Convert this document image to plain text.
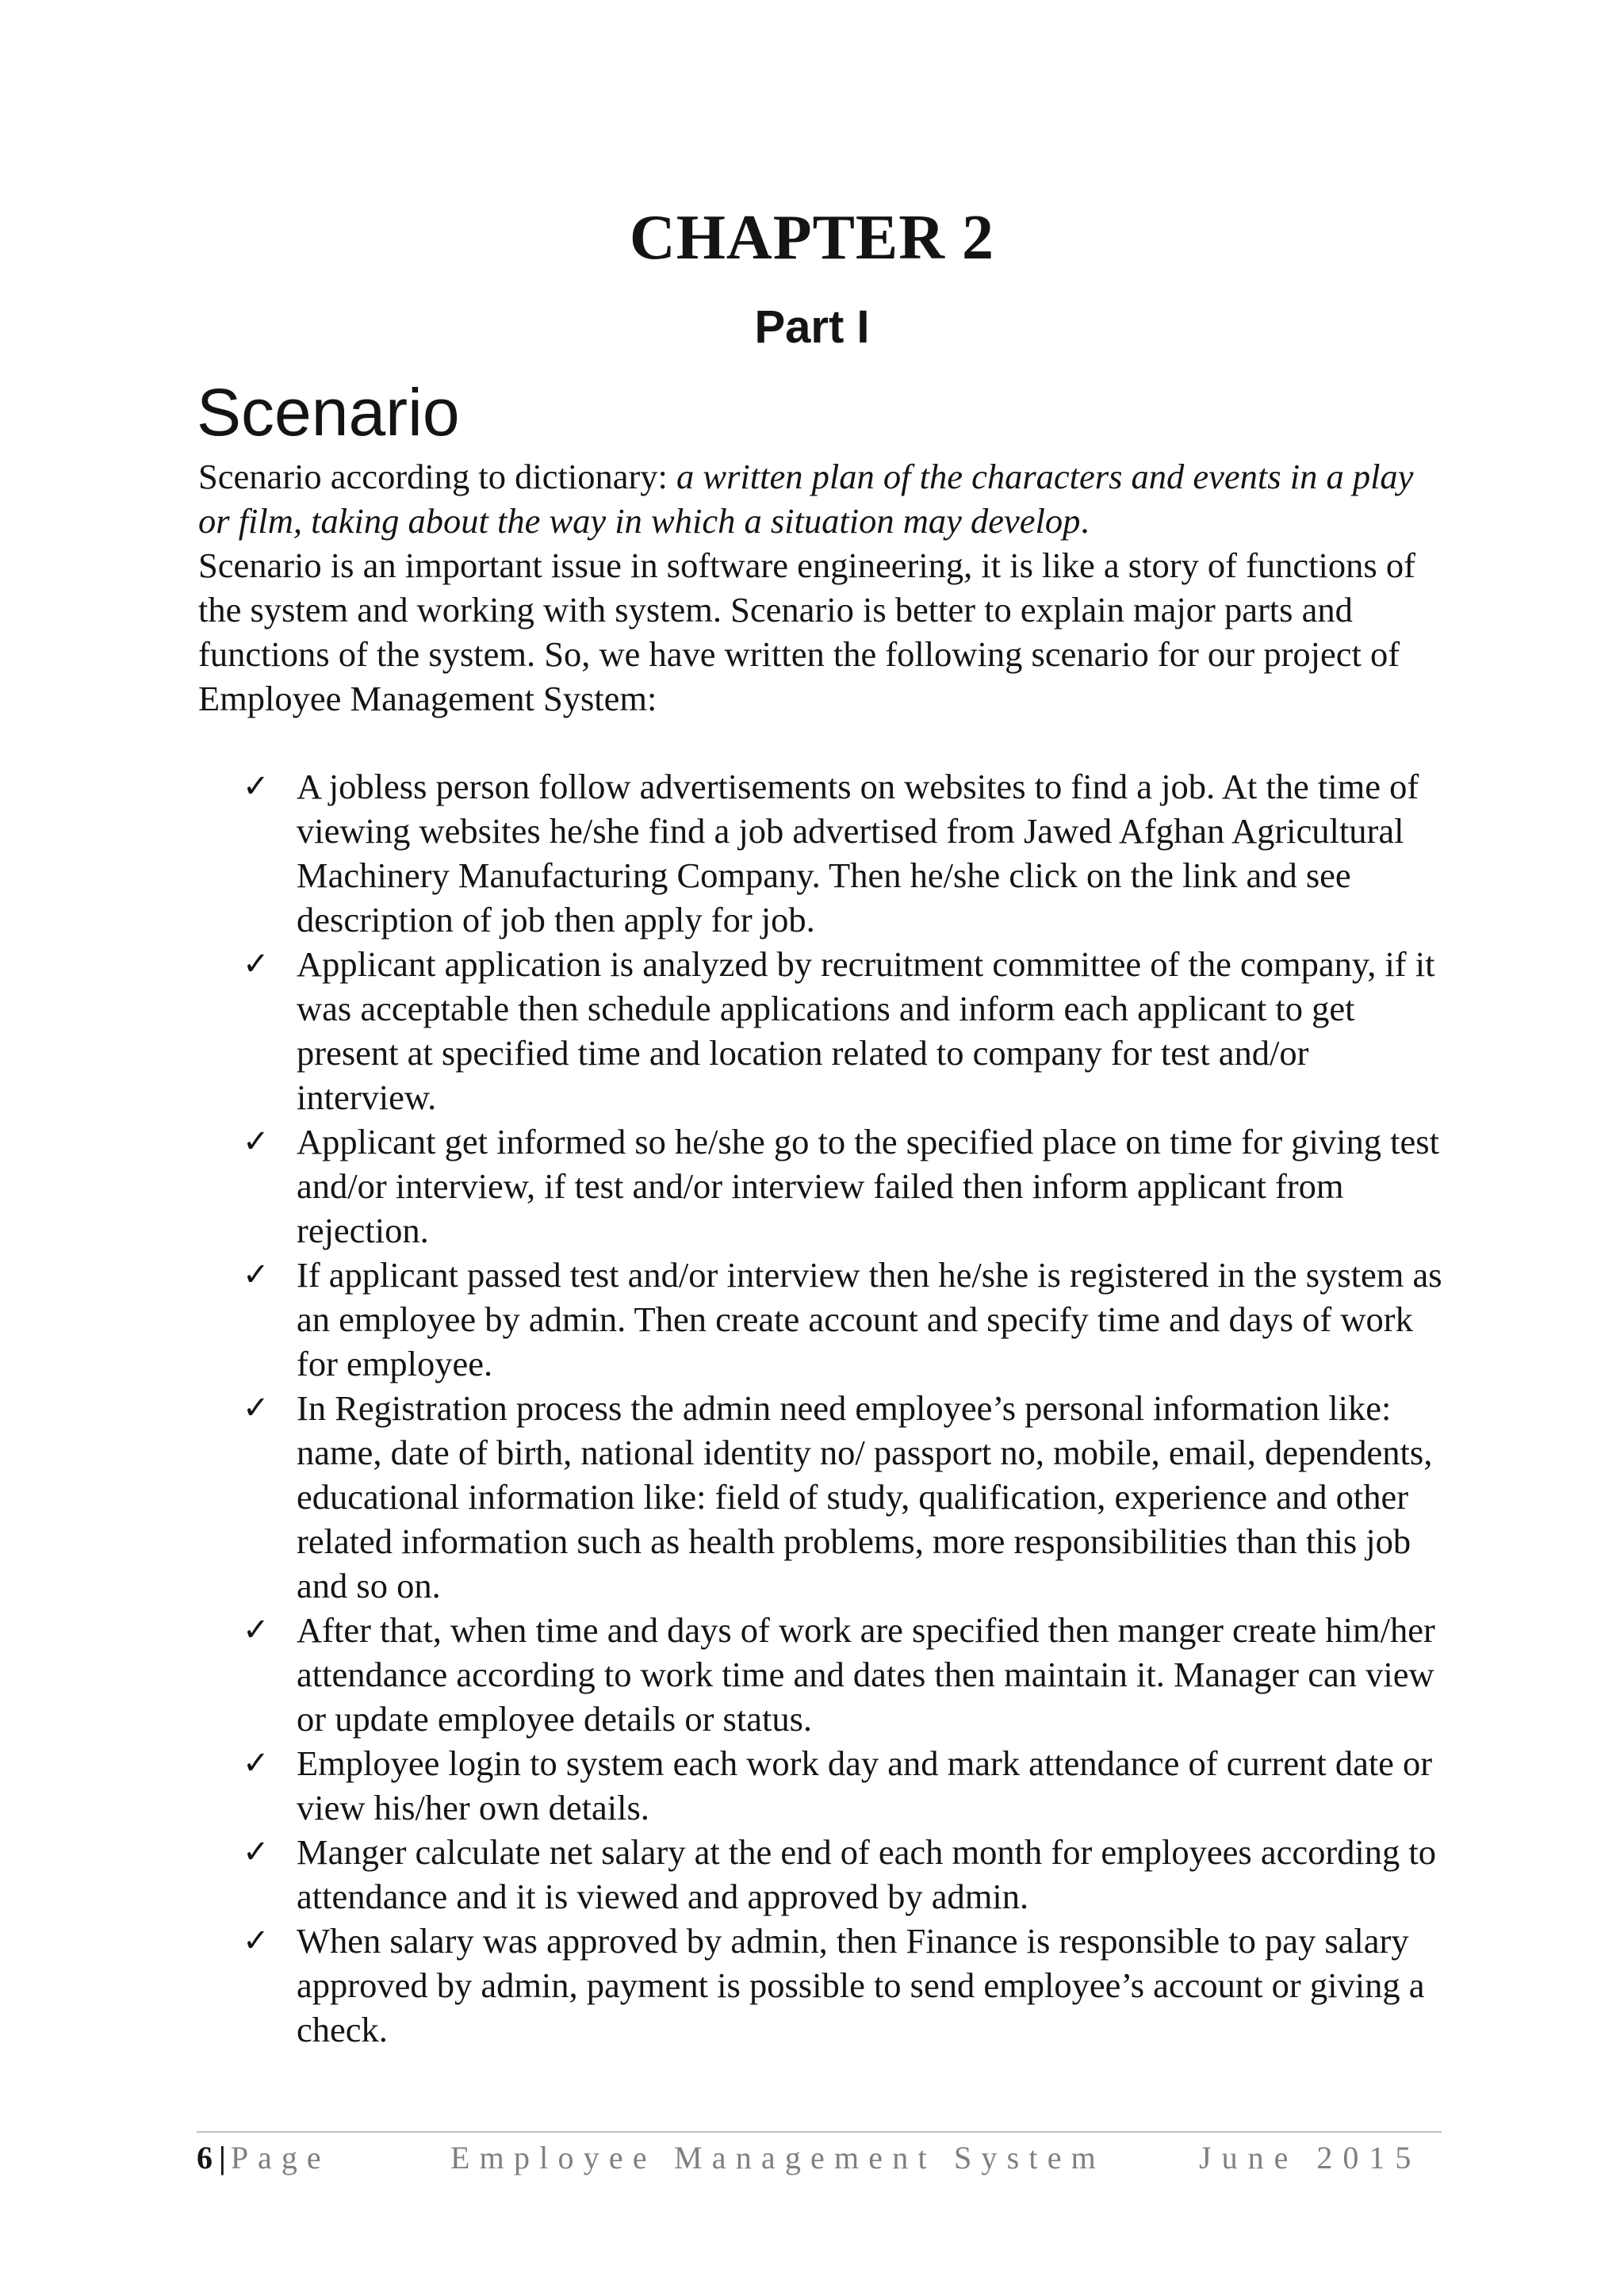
CHAPTER 2
Part I
Scenario

Scenario according to dictionary: a written plan of the characters and events in a play or film, taking about the way in which a situation may develop.
Scenario is an important issue in software engineering, it is like a story of functions of the system and working with system. Scenario is better to explain major parts and functions of the system. So, we have written the following scenario for our project of Employee Management System:

✓ A jobless person follow advertisements on websites to find a job. At the time of viewing websites he/she find a job advertised from Jawed Afghan Agricultural Machinery Manufacturing Company. Then he/she click on the link and see description of job then apply for job.
✓ Applicant application is analyzed by recruitment committee of the company, if it was acceptable then schedule applications and inform each applicant to get present at specified time and location related to company for test and/or interview.
✓ Applicant get informed so he/she go to the specified place on time for giving test and/or interview, if test and/or interview failed then inform applicant from rejection.
✓ If applicant passed test and/or interview then he/she is registered in the system as an employee by admin. Then create account and specify time and days of work for employee.
✓ In Registration process the admin need employee’s personal information like: name, date of birth, national identity no/ passport no, mobile, email, dependents, educational information like: field of study, qualification, experience and other related information such as health problems, more responsibilities than this job and so on.
✓ After that, when time and days of work are specified then manger create him/her attendance according to work time and dates then maintain it. Manager can view or update employee details or status.
✓ Employee login to system each work day and mark attendance of current date or view his/her own details.
✓ Manger calculate net salary at the end of each month for employees according to attendance and it is viewed and approved by admin.
✓ When salary was approved by admin, then Finance is responsible to pay salary approved by admin, payment is possible to send employee’s account or giving a check.
6 | Page	Employee Management System	June 2015
